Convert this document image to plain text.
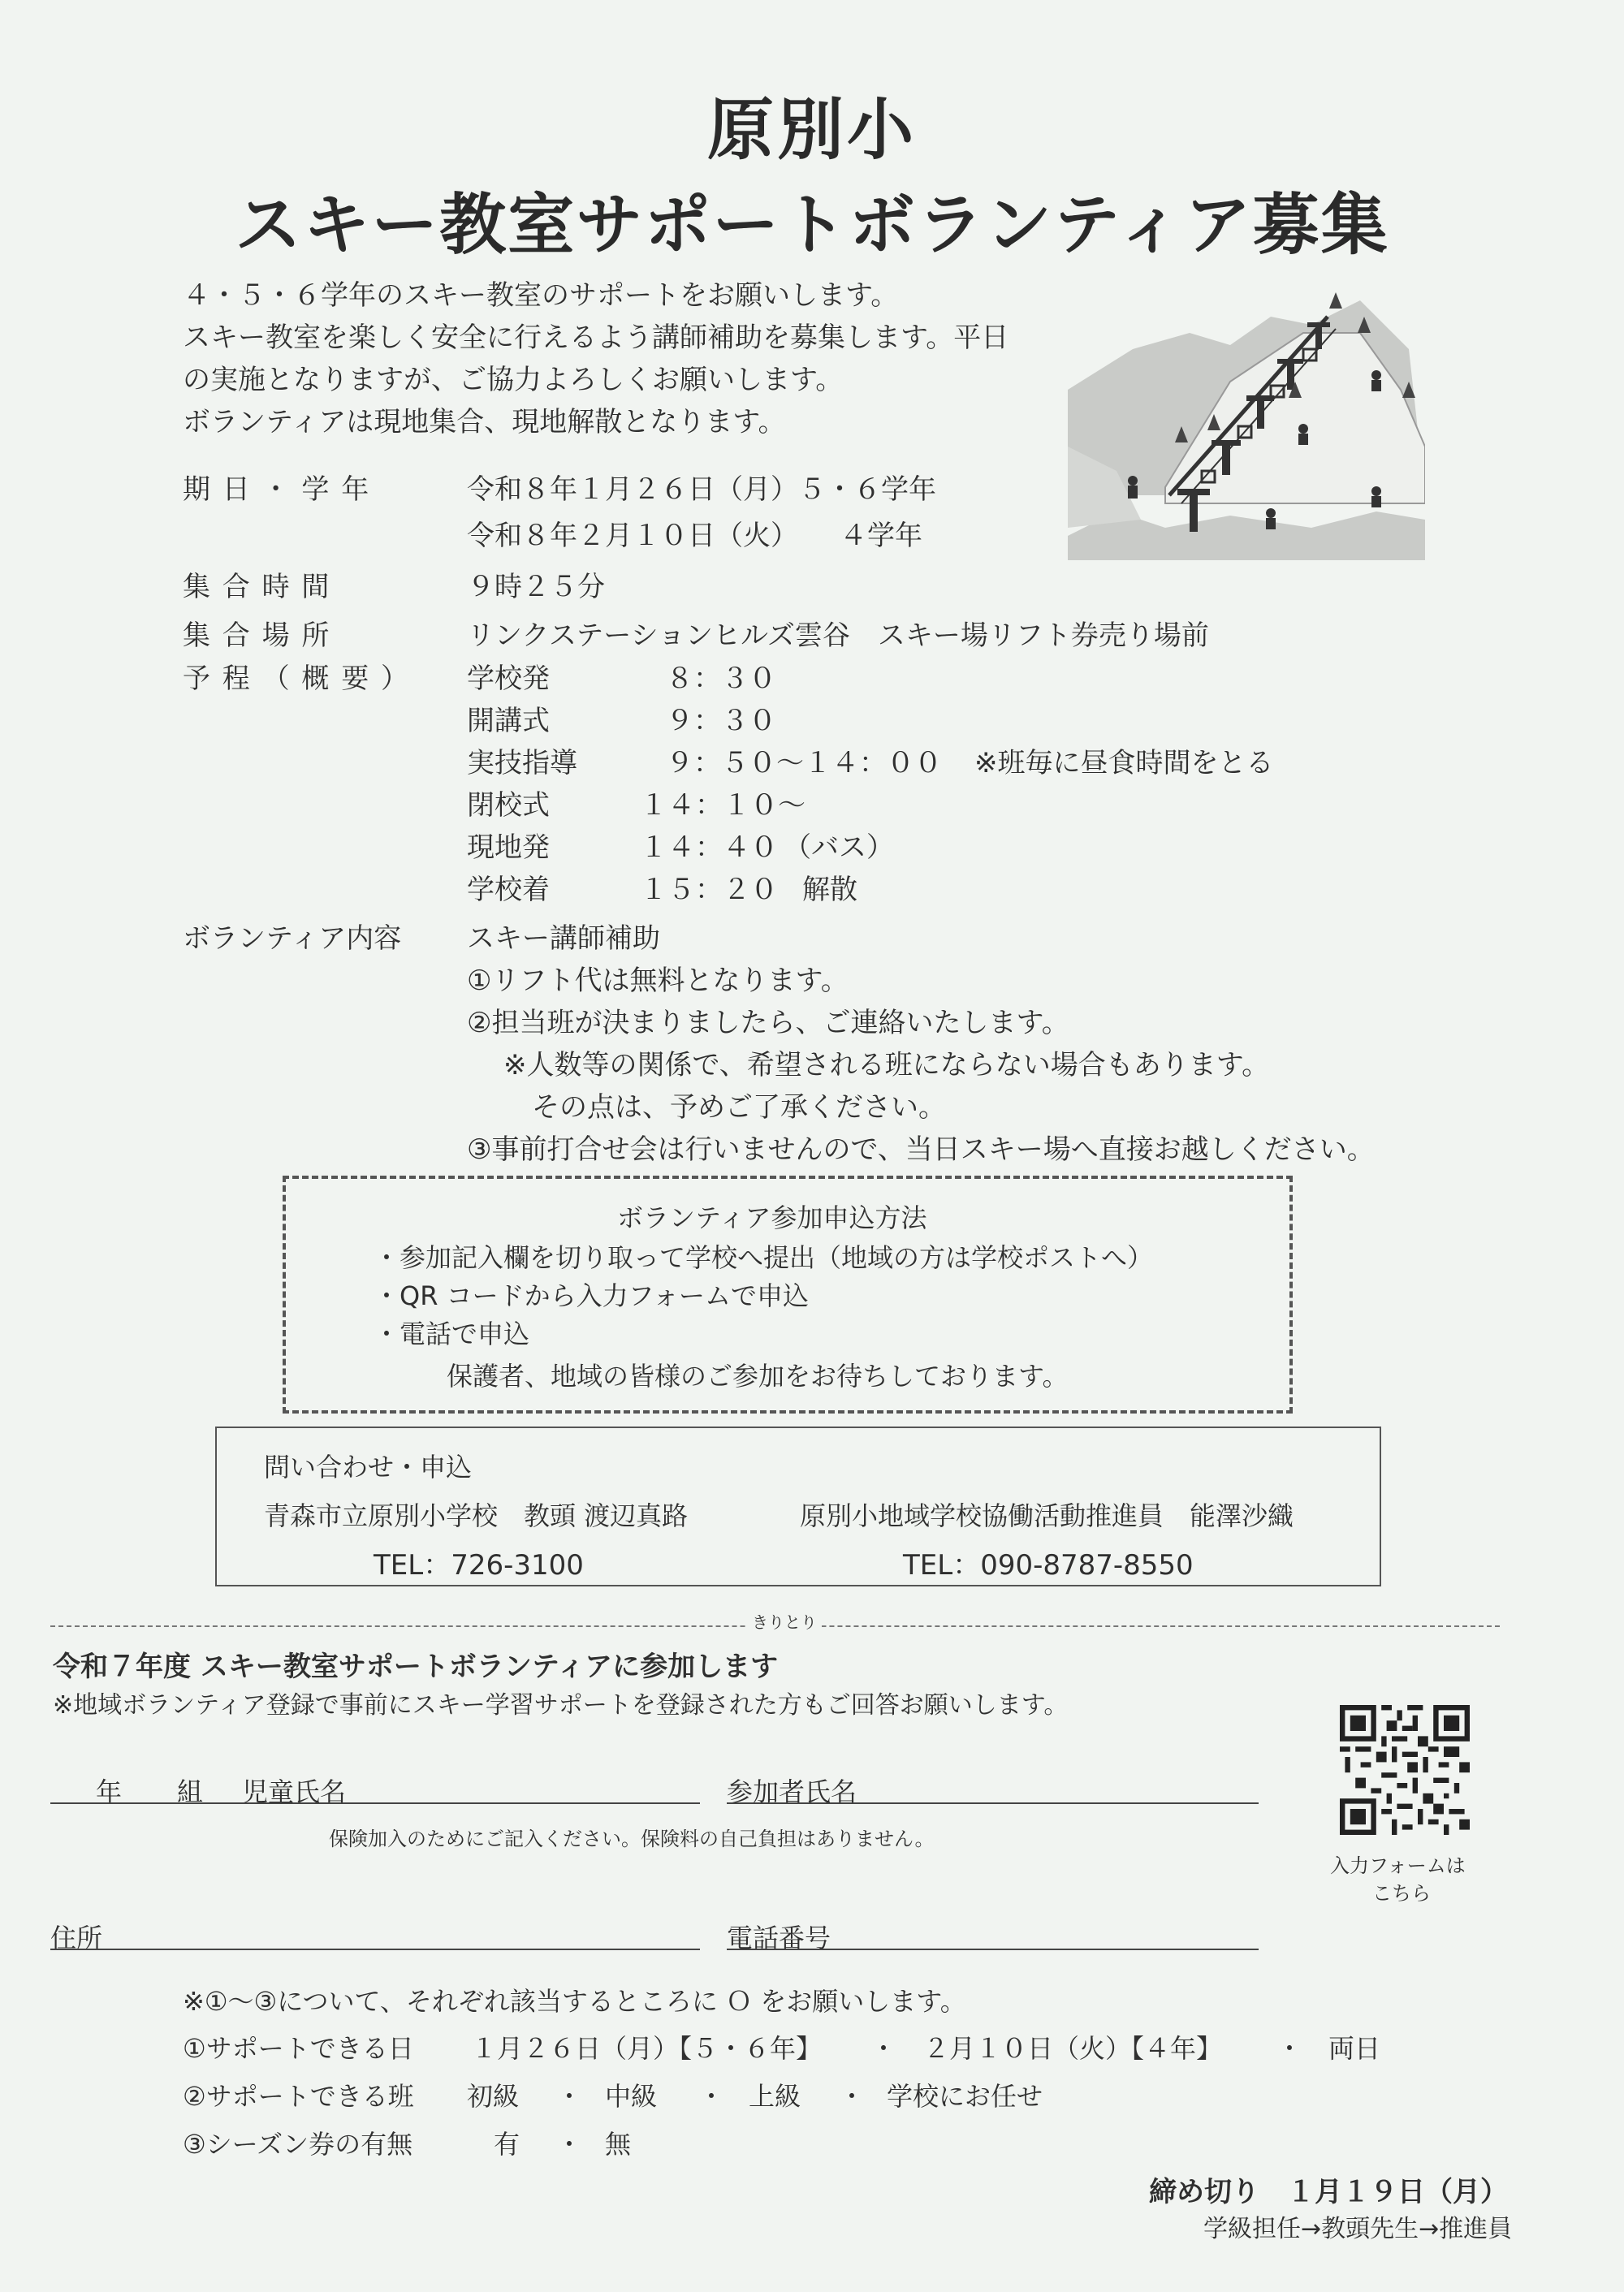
原別小
スキー教室サポートボランティア募集
４・５・６学年のスキー教室のサポートをお願いします。
スキー教室を楽しく安全に行えるよう講師補助を募集します。平日
の実施となりますが、ご協力よろしくお願いします。
ボランティアは現地集合、現地解散となります。
期 日 ・ 学 年	令和８年１月２６日（月）５・６学年
令和８年２月１０日（火）　　４学年
集 合 時 間	９時２５分
集 合 場 所	リンクステーションヒルズ雲谷　スキー場リフト券売り場前
予 程 （ 概 要 ） 学校発	８：３０
開講式	９：３０
実技指導	９：５０～１４：００ ※班毎に昼食時間をとる
閉校式	１４：１０～
現地発	１４：４０ （バス）
学校着	１５：２０ 解散
ボランティア内容 スキー講師補助
①リフト代は無料となります。
②担当班が決まりましたら、ご連絡いたします。
※人数等の関係で、希望される班にならない場合もあります。
その点は、予めご了承ください。
③事前打合せ会は行いませんので、当日スキー場へ直接お越しください。
ボランティア参加申込方法
・参加記入欄を切り取って学校へ提出（地域の方は学校ポストへ）
・QR コードから入力フォームで申込
・電話で申込
保護者、地域の皆様のご参加をお待ちしております。
問い合わせ・申込
青森市立原別小学校　教頭 渡辺真路	原別小地域学校協働活動推進員　能澤沙織
TEL：726-3100	TEL：090-8787-8550
きりとり
令和７年度 スキー教室サポートボランティアに参加します
※地域ボランティア登録で事前にスキー学習サポートを登録された方もご回答お願いします。
年 組 児童氏名	参加者氏名
保険加入のためにご記入ください。保険料の自己負担はありません。
住所	電話番号
入力フォームは
こちら
※①～③について、それぞれ該当するところに Ｏ をお願いします。
①サポートできる日 １月２６日（月）【５・６年】 ・ ２月１０日（火）【４年】 ・ 両日
②サポートできる班 初級 ・ 中級 ・ 上級 ・ 学校にお任せ
③シーズン券の有無	有 ・ 無
締め切り　１月１９日（月）
学級担任→教頭先生→推進員
